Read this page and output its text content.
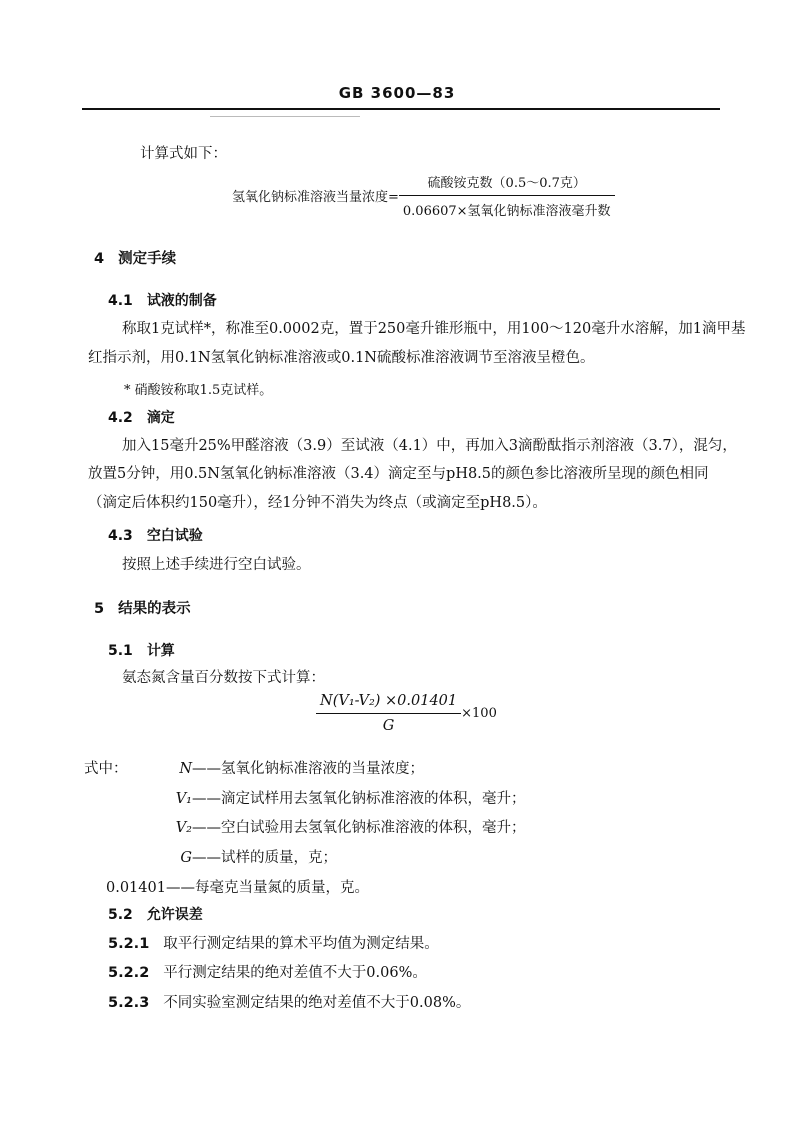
GB 3600—83
计算式如下：
氢氧化钠标准溶液当量浓度= $\frac{\text{硫酸铵克数（0.5～0.7克）}}{\text{0.06607×氢氧化钠标准溶液毫升数}}$
4 测定手续
4.1 试液的制备
称取1克试样*，称准至0.0002克，置于250毫升锥形瓶中，用100～120毫升水溶解，加1滴甲基
红指示剂，用0.1N氢氧化钠标准溶液或0.1N硫酸标准溶液调节至溶液呈橙色。
* 硝酸铵称取1.5克试样。
4.2 滴定
加入15毫升25%甲醛溶液（3.9）至试液（4.1）中，再加入3滴酚酞指示剂溶液（3.7），混匀，
放置5分钟，用0.5N氢氧化钠标准溶液（3.4）滴定至与pH8.5的颜色参比溶液所呈现的颜色相同
（滴定后体积约150毫升），经1分钟不消失为终点（或滴定至pH8.5）。
4.3 空白试验
按照上述手续进行空白试验。
5 结果的表示
5.1 计算
氨态氮含量百分数按下式计算：
$\frac{\text{N(V₁-V₂) ×0.01401}}{G} \times 100$
式中：	N——氢氧化钠标准溶液的当量浓度；
V₁——滴定试样用去氢氧化钠标准溶液的体积，毫升；
V₂——空白试验用去氢氧化钠标准溶液的体积，毫升；
G——试样的质量，克；
0.01401——每毫克当量氮的质量，克。
5.2 允许误差
5.2.1 取平行测定结果的算术平均值为测定结果。
5.2.2 平行测定结果的绝对差值不大于0.06%。
5.2.3 不同实验室测定结果的绝对差值不大于0.08%。
